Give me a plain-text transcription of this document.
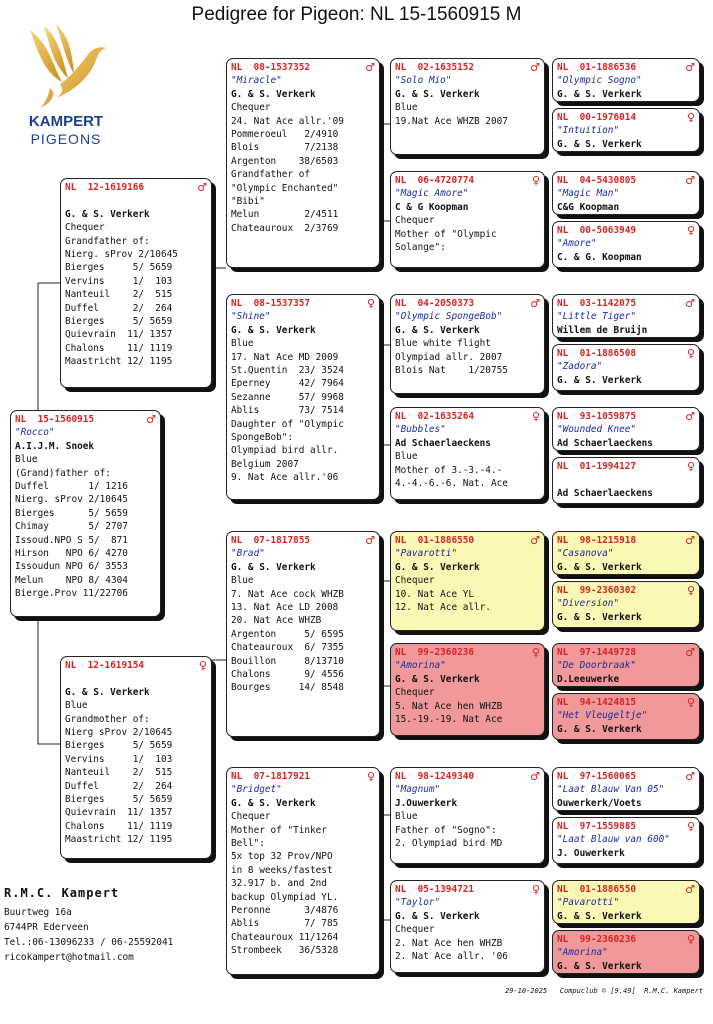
Pedigree for Pigeon: NL 15-1560915 M
KAMPERT
PIGEONS
NL  15-1560915	♂
"Rocco"
A.I.J.M. Snoek
Blue
(Grand)father of:
Duffel       1/ 1216
Nierg. sProv 2/10645
Bierges      5/ 5659
Chimay       5/ 2707
Issoud.NPO S 5/  871
Hirson   NPO 6/ 4270
Issoudun NPO 6/ 3553
Melun    NPO 8/ 4304
Bierge.Prov 11/22706
NL  12-1619166	♂

G. & S. Verkerk
Chequer
Grandfather of:
Nierg. sProv 2/10645
Bierges     5/ 5659
Vervins     1/  103
Nanteuil    2/  515
Duffel      2/  264
Bierges     5/ 5659
Quievrain  11/ 1357
Chalons    11/ 1119
Maastricht 12/ 1195
NL  12-1619154	♀

G. & S. Verkerk
Blue
Grandmother of:
Nierg sProv 2/10645
Bierges     5/ 5659
Vervins     1/  103
Nanteuil    2/  515
Duffel      2/  264
Bierges     5/ 5659
Quievrain  11/ 1357
Chalons    11/ 1119
Maastricht 12/ 1195
NL  08-1537352	♂
"Miracle"
G. & S. Verkerk
Chequer
24. Nat Ace allr.'09
Pommeroeul   2/4910
Blois        7/2138
Argenton    38/6503
Grandfather of
"Olympic Enchanted"
"Bibi"
Melun        2/4511
Chateauroux  2/3769
NL  08-1537357	♀
"Shine"
G. & S. Verkerk
Blue
17. Nat Ace MD 2009
St.Quentin  23/ 3524
Eperney     42/ 7964
Sezanne     57/ 9968
Ablis       73/ 7514
Daughter of "Olympic
SpongeBob":
Olympiad bird allr.
Belgium 2007
9. Nat Ace allr.'06
NL  07-1817855	♂
"Brad"
G. & S. Verkerk
Blue
7. Nat Ace cock WHZB
13. Nat Ace LD 2008
20. Nat Ace WHZB
Argenton     5/ 6595
Chateauroux  6/ 7355
Bouillon     8/13710
Chalons      9/ 4556
Bourges     14/ 8548
NL  07-1817921	♀
"Bridget"
G. & S. Verkerk
Chequer
Mother of "Tinker
Bell":
5x top 32 Prov/NPO
in 8 weeks/fastest
32.917 b. and 2nd
backup Olympiad YL.
Peronne      3/4876
Ablis        7/ 785
Chateauroux 11/1264
Strombeek   36/5328
NL  02-1635152	♂
"Solo Mio"
G. & S. Verkerk
Blue
19.Nat Ace WHZB 2007
NL  06-4720774	♀
"Magic Amore"
C & G Koopman
Chequer
Mother of "Olympic
Solange":
NL  04-2050373	♂
"Olympic SpongeBob"
G. & S. Verkerk
Blue white flight
Olympiad allr. 2007
Blois Nat    1/20755
NL  02-1635264	♀
"Bubbles"
Ad Schaerlaeckens
Blue
Mother of 3.-3.-4.-
4.-4.-6.-6. Nat. Ace
NL  01-1886550	♂
"Pavarotti"
G. & S. Verkerk
Chequer
10. Nat Ace YL
12. Nat Ace allr.
NL  99-2360236	♀
"Amorina"
G. & S. Verkerk
Chequer
5. Nat Ace hen WHZB
15.-19.-19. Nat Ace
NL  98-1249340	♂
"Magnum"
J.Ouwerkerk
Blue
Father of "Sogno":
2. Olympiad bird MD
NL  05-1394721	♀
"Taylor"
G. & S. Verkerk
Chequer
2. Nat Ace hen WHZB
2. Nat Ace allr. '06
NL  01-1886536	♂
"Olympic Sogno"
G. & S. Verkerk
NL  00-1976014	♀
"Intuition"
G. & S. Verkerk
NL  04-5430805	♂
"Magic Man"
C&G Koopman
NL  00-5063949	♀
"Amore"
C. & G. Koopman
NL  03-1142075	♂
"Little Tiger"
Willem de Bruijn
NL  01-1886508	♀
"Zadora"
G. & S. Verkerk
NL  93-1059875	♂
"Wounded Knee"
Ad Schaerlaeckens
NL  01-1994127	♀

Ad Schaerlaeckens
NL  98-1215918	♂
"Casanova"
G. & S. Verkerk
NL  99-2360302	♀
"Diversion"
G. & S. Verkerk
NL  97-1449728	♂
"De Doorbraak"
D.Leeuwerke
NL  94-1424815	♀
"Het Vleugeltje"
G. & S. Verkerk
NL  97-1560065	♂
"Laat Blauw Van 05"
Ouwerkerk/Voets
NL  97-1559885	♀
"Laat Blauw van 600"
J. Ouwerkerk
NL  01-1886550	♂
"Pavarotti"
G. & S. Verkerk
NL  99-2360236	♀
"Amorina"
G. & S. Verkerk
R.M.C. Kampert
Buurtweg 16a
6744PR Ederveen
Tel.:06-13096233 / 06-25592041
ricokampert@hotmail.com
29-10-2025   Compuclub © [9.49]  R.M.C. Kampert
